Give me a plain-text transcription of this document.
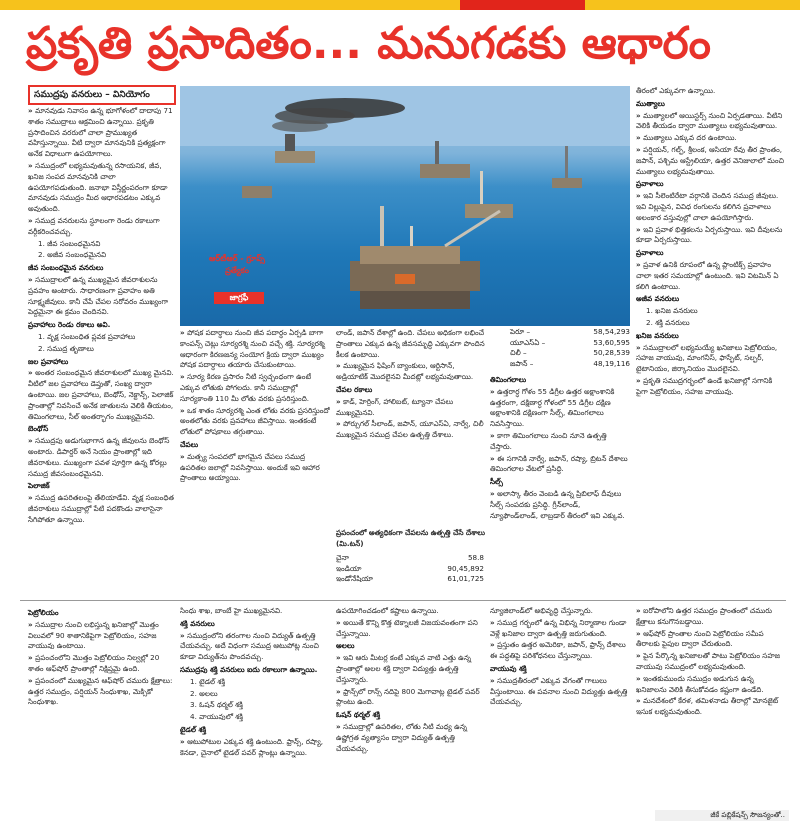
ప్రకృతి ప్రసాదితం... మనుగడకు ఆధారం
సముద్రపు వనరులు – వినియోగం

» మానవుడు నివాసం ఉన్న భూగోళంలో దాదాపు 71 శాతం సముద్రాలు ఆక్రమించి ఉన్నాయి. ప్రకృతి ప్రసాదించిన వరరులో చాలా ప్రాముఖ్యత వహిస్తున్నాయి. వీటి ద్వారా మానవునికి ప్రత్యక్షంగా అనేక విధాలుగా ఉపయోగాలు.

» సముద్రంలో లభ్యమవుతున్న రసాయనిక, జీవ, ఖనిజ సంపద మానవునికి చాలా ఉపయోగపడుతుంది. జనాభా విస్తీర్ణంపరంగా కూడా మానవుడు సముద్రం మీద ఆధారపడటం ఎక్కువ అవుతుంది.

» సముద్ర వనరులను స్థూలంగా రెండు రకాలుగా వర్గీకరించవచ్చు.

1. జీవ సంబంధమైనవి

2. అజీవ సంబంధమైనవి

జీవ సంబంధమైన వనరులు

» సముద్రాలలో ఉన్న ముఖ్యమైన జీవరాశులను ప్రవహం అంటారు. సాధారణంగా ప్రవాహం అతి సూక్ష్మజీవులు. కానీ చేపే చేపల సరోవరం ముఖ్యంగా పెద్దమైనా ఈ క్రమం చెందినవి.

ప్రవాహాలు రెండు రకాలు అవి.

1. వృక్ష సంబంధిత ప్లవక ప్రవాహాలు

2. సముద్ర తృణాలు

జల ప్రవాహాలు

» అంతర సంబంధమైన జీవరాశులలో ముఖ్య మైనవి. వీటిలో జల ప్రవాహాలు డెప్తుతో, సంఖ్య ద్వారా ఉంటాయి. జల ప్రవాహాలు, బెంథోస్, నెక్టాన్స్, పెలాజిక్ ప్రాంతాల్లో నివసించే అనేక జాతులను వెలికి తీయటం, తిమింగలాలు, సీల్ అంతర్భాగం ముఖ్యమైనవి.

బెంథోస్

» సముద్రపు అడుగుభాగాన ఉన్న జీవులను బెంథోస్ అంటారు. డిపార్డర్ అనే సెయం ప్రాంతాల్లో ఇది జీవరాశులు. ముఖ్యంగా పవళ పూర్తిగా ఉన్న కోరల్లు సముద్ర జీవసంబంధమైనవి.

పెలాజిక్

» సముద్ర ఉపరితలంపై తేలియాడేవి. వృక్ష సంబంధిత జీవరాశులు సముద్రాల్లో పేటి పదకొండు వాలాసైనా సేగిపోతూ ఉన్నాయి.

ఆర్‌టీఆర్ ‌- గ్రూప్స్ ప్రత్యేకం
జాగ్రఫీ

» పోషక పదార్థాలు నుంచి జీవ పదార్థం ఏర్పడి బాగా కాంపన్స్ చెట్లు సూర్యరశ్మి నుంచి వచ్చే శక్తి. సూర్యరశ్మి ఆధారంగా కిరణజన్య సంయోగ క్రియ ద్వారా ముఖ్యం పోషక పదార్థాలు తయారు చేసుకుంటాయి.

» సూర్య కిరణ ప్రసారం నీటి స్వచ్ఛంధంగా ఉంటే ఎక్కువ లోతుకు పోగలదు. కానీ సముద్రాల్లో సూర్యకాంతి 110 మీ లోతు వరకు ప్రసరిస్తుంది.

» ఒక శాతం సూర్యరశ్మి ఎంత లోతు వరకు ప్రసరిస్తుందో అంతలోతు వరకు ప్రవహాలు జీవిస్తాయి. ఇంతకంటే లోతులో పోషకాలు తగ్గుతాయి.

చేపలు

» మత్స్య సంపదలో భాగమైన చేపలు సముద్ర ఉపరితల జలాల్లో నివసిస్తాయి. అందుకే ఇవి ఆహార ప్రాంతాలు అయ్యాయి.

లాండ్, జపాన్ దేశాల్లో ఉంది. చేపలు అధికంగా లభించే ప్రాంతాలు ఎక్కువ ఉన్న జీవసమృద్ధి ఎక్కువగా పొందిన కీలక ఉంటాయి.

» ముఖ్యమైన ఫిషింగ్ బ్యాంకులు, ఆర్టిసాన్, అడ్రియాటిక్ మొదలైనవి మీదట్లో లభ్యమవుతాయి.

చేపల రకాలు

» కాడ్, హెర్రింగ్, హాలిబట్, ట్యూనా చేపలు ముఖ్యమైనవి.

» పోర్చుగల్ సీలాండ్, జపాన్, యూఎస్ఏ, నార్వే, చిలీ ముఖ్యమైన సముద్ర చేపల ఉత్పత్తి దేశాలు.

ప్రపంచంలో అత్యధికంగా చేపలను ఉత్పత్తి చేసే దేశాలు (మి.టన్)

చైనా	58.8
ఇండియా	90,45,892
ఇండోనేషియా	61,01,725
పెరూ –	58,54,293
యూఎస్ఏ –	53,60,595
చిలీ –	50,28,539
జపాన్ –	48,19,116

తిమింగలాలు

» ఉత్తరార్ధ గోళం 55 డిగ్రీల ఉత్తర అక్షాంశానికి ఉత్తరంగా, దక్షిణార్ధ గోళంలో 55 డిగ్రీల దక్షిణ అక్షాంశానికి దక్షిణంగా సీల్స్, తిమింగలాలు నివసిస్తాయి.

» కాగా తిమింగలాలు నుంచి నూనె ఉత్పత్తి చేస్తారు.

» ఈ సగానికి నార్వే, జపాన్, రష్యా, బ్రిటన్ దేశాలు తిమింగలాల వేటలో ప్రసిద్ధి.

సీల్స్

» అలాస్కా తీరం వెంబడి ఉన్న ప్రిబిలాఫ్ దీవులు సీల్స్ సంపదకు ప్రసిద్ధి. గ్రీన్‌లాండ్, న్యూఫౌండ్‌లాండ్, లాబ్రడార్ తీరంలో ఇవి ఎక్కువ.

తీరంలో ఎక్కువగా ఉన్నాయి.

ముత్యాలు

» ముత్యాలలో ఆయిస్టర్స్ నుంచి ఏర్పడతాయి. వీటిని వెలికి తీయడం ద్వారా ముత్యాలు లభ్యమవుతాయి.

» ముత్యాలు ఎక్కువ దర ఉంటాయి.

» పర్షియన్, గల్ఫ్, శ్రీలంక, ఆసియా రేవు తీర ప్రాంతం, జపాన్, పశ్చిమ ఆస్ట్రేలియా, ఉత్తర వెనిజులాలో మంచి ముత్యాలు లభ్యమవుతాయి.

ప్రవాళాలు

» ఇవి సీలెంటిరేటా వర్గానికి చెందిన సముద్ర జీవులు. ఇవి విల్లుపైన, వివిధ రంగులను కలిగిన ప్రవాళాలు అలంకార వస్తువుల్లో చాలా ఉపయోగిస్తారు.

» ఇవి ప్రవాళ భిత్తికలను ఏర్పరుస్తాయి. ఇవి దీవులను కూడా ఏర్పరుస్తాయి.

ప్రవాళాలు

» ప్రవాళ ఉనికి రూపంలో ఉన్న ప్లాంటిక్స్ ప్రవాహం చాలా ఇతర సమయాల్లో ఉంటుంది. ఇవి విటమిన్ ఏ కలిగి ఉంటాయి.

అజీవ వనరులు

1. ఖనిజ వనరులు

2. శక్తి వనరులు

ఖనిజ వనరులు

» సముద్రాలలో లభ్యమయ్యే ఖనిజాలు పెట్రోలియం, సహజ వాయువు, మాంగనీస్, ఫాస్ఫేట్, సల్ఫర్, టైటానియం, జిర్కానియం మొదలైనవి.

» ప్రకృతి సముద్రగర్భంలో ఉండే ఖనిజాల్లో సగానికి పైగా పెట్రోలియం, సహజ వాయువు.

పెట్రోలియం

» సముద్రాల నుంచి లభిస్తున్న ఖనిజాల్లో మొత్తం విలువలో 90 శాతానికిపైగా పెట్రోలియం, సహజ వాయువు ఉంటాయి.

» ప్రపంచంలోని మొత్తం పెట్రోలియం నిల్వల్లో 20 శాతం ఆఫ్‌షోర్ ప్రాంతాల్లో నిక్షిప్తమై ఉంది.

» ప్రపంచంలో ముఖ్యమైన ఆఫ్‌షోర్ చమురు క్షేత్రాలు: ఉత్తర సముద్రం, పర్షియన్ సింధుశాఖ, మెక్సికో సింధుశాఖ.

సింధు శాఖ, బాంబే హై ముఖ్యమైనవి.

శక్తి వనరులు

» సముద్రంలోని తరంగాల నుంచి విద్యుత్ ఉత్పత్తి చేయవచ్చు. అదే విధంగా సముద్ర ఆటుపోట్ల నుంచి కూడా విద్యుత్‌ను పొందవచ్చు.

సముద్రపు శక్తి వనరులు ఐదు రకాలుగా ఉన్నాయి.

1. టైడల్ శక్తి

2. అలలు

3. ఓషన్ థర్మల్ శక్తి

4. వాయువులో శక్తి

టైడల్ శక్తి

» ఆటుపోటుల ఎక్కువ శక్తి ఉంటుంది. ఫ్రాన్స్, రష్యా, కెనడా, చైనాలో టైడల్ పవర్ ప్లాంట్లు ఉన్నాయి.

ఉపయోగించడంలో కష్టాలు ఉన్నాయి.

» అయితే కొన్ని కొత్త టెక్నాలజీ విజయవంతంగా పని చేస్తున్నాయి.

అలలు

» ఇవి ఆరు మీటర్ల కంటే ఎక్కువ వాటి ఎత్తు ఉన్న ప్రాంతాల్లో అలల శక్తి ద్వారా విద్యుత్తు ఉత్పత్తి చేస్తున్నారు.

» ఫ్రాన్స్‌లో రాన్స్ నదిపై 800 మెగావాట్ల టైడల్ పవర్ ప్లాంటు ఉంది.

ఓషన్ థర్మల్ శక్తి

» సముద్రాల్లో ఉపరితల, లోతు నీటి మధ్య ఉన్న ఉష్ణోగ్రత వ్యత్యాసం ద్వారా విద్యుత్ ఉత్పత్తి చేయవచ్చు.

న్యూజిలాండ్‌లో అభివృద్ధి చేస్తున్నారు.

» సముద్ర గర్భంలో ఉన్న విభిన్న నిర్మాణాల గుండా వెళ్లే ఖనిజాల ద్వారా ఉత్పత్తి జరుగుతుంది.

» ప్రస్తుతం ఉత్తర అమెరికా, జపాన్, ఫ్రాన్స్ దేశాలు ఈ పద్ధతిపై పరిశోధనలు చేస్తున్నాయి.

వాయువు శక్తి

» సముద్రతీరంలో ఎక్కువ వేగంతో గాలులు వీస్తుంటాయి. ఈ పవనాల నుంచి విద్యుత్తు ఉత్పత్తి చేయవచ్చు.

» ఐరోపాలోని ఉత్తర సముద్రం ప్రాంతంలో చమురు క్షేత్రాలు కనుగొనబడ్డాయి.

» ఆఫ్‌షోర్ ప్రాంతాల నుంచి పెట్రోలియం సమీప తీరాలకు పైపుల ద్వారా చేరుతుంది.

» పైన పేర్కొన్న ఖనిజాలతో పాటు పెట్రోలియం సహజ వాయువు సముద్రంలో లభ్యమవుతుంది.

» ఇంతకుముందు సముద్రం అడుగున ఉన్న ఖనిజాలను వెలికి తీసుకోవడం కష్టంగా ఉండేది.

» మనదేశంలో కేరళ, తమిళనాడు తీరాల్లో మోనజైట్ ఇసుక లభ్యమవుతుంది.

జీకే పబ్లికేషన్స్ సౌజన్యంతో..
